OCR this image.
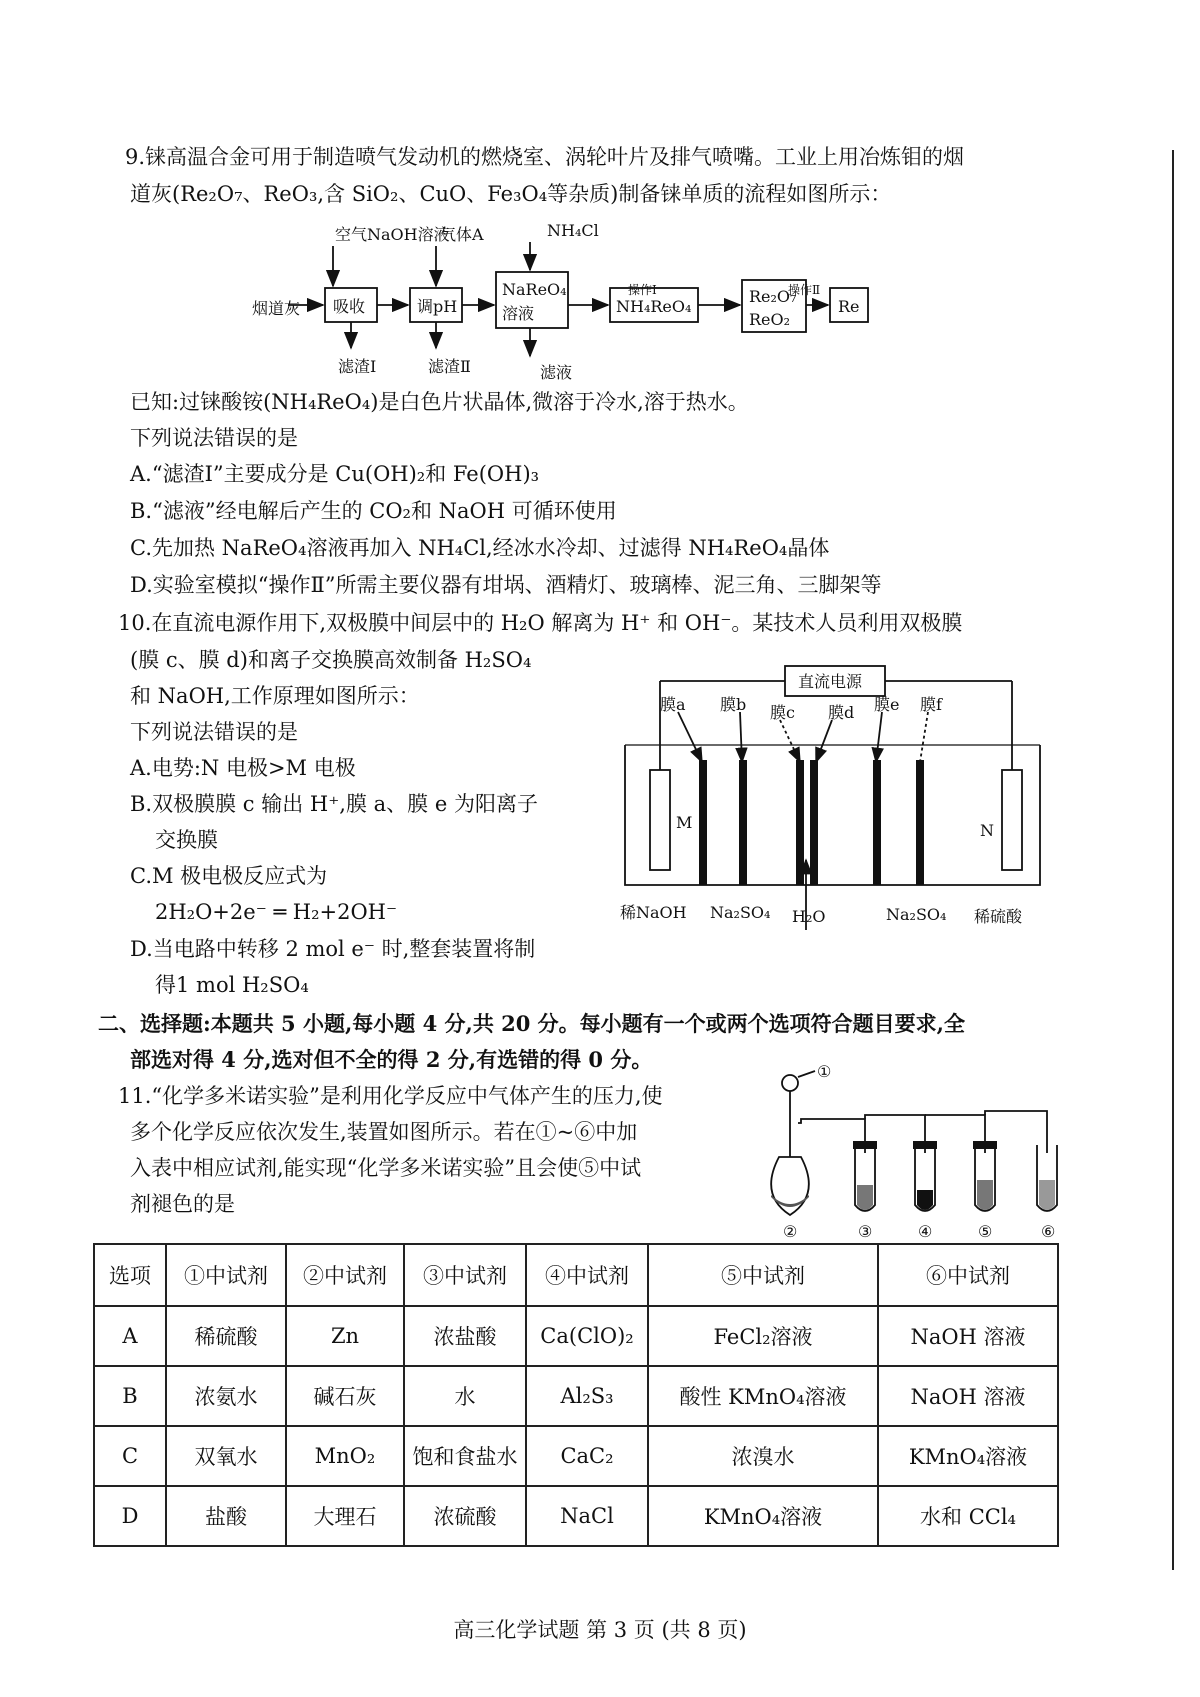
9.铼高温合金可用于制造喷气发动机的燃烧室、涡轮叶片及排气喷嘴。工业上用冶炼钼的烟
道灰(Re₂O₇、ReO₃,含 SiO₂、CuO、Fe₃O₄等杂质)制备铼单质的流程如图所示：
空气NaOH溶液
气体A	NH₄Cl
烟道灰
操作Ⅰ	操作Ⅱ
滤渣Ⅰ	滤渣Ⅱ	滤液
吸收	调pH
NaReO₄
溶液	NH₄ReO₄
Re₂O₇
ReO₂
Re
已知:过铼酸铵(NH₄ReO₄)是白色片状晶体,微溶于冷水,溶于热水。
下列说法错误的是
A.“滤渣Ⅰ”主要成分是 Cu(OH)₂和 Fe(OH)₃
B.“滤液”经电解后产生的 CO₂和 NaOH 可循环使用
C.先加热 NaReO₄溶液再加入 NH₄Cl,经冰水冷却、过滤得 NH₄ReO₄晶体
D.实验室模拟“操作Ⅱ”所需主要仪器有坩埚、酒精灯、玻璃棒、泥三角、三脚架等
10.在直流电源作用下,双极膜中间层中的 H₂O 解离为 H⁺ 和 OH⁻。某技术人员利用双极膜
(膜 c、膜 d)和离子交换膜高效制备 H₂SO₄
和 NaOH,工作原理如图所示：
下列说法错误的是
A.电势:N 电极>M 电极
B.双极膜膜 c 输出 H⁺,膜 a、膜 e 为阳离子
交换膜
C.M 极电极反应式为
2H₂O+2e⁻ ═ H₂+2OH⁻
D.当电路中转移 2 mol e⁻ 时,整套装置将制
得1 mol H₂SO₄
直流电源
膜a 膜b 膜c 膜d 膜e 膜f
M	N
稀NaOH Na₂SO₄ H₂O	Na₂SO₄ 稀硫酸
二、选择题:本题共 5 小题,每小题 4 分,共 20 分。每小题有一个或两个选项符合题目要求,全
部选对得 4 分,选对但不全的得 2 分,有选错的得 0 分。
11.“化学多米诺实验”是利用化学反应中气体产生的压力,使
多个化学反应依次发生,装置如图所示。若在①~⑥中加
入表中相应试剂,能实现“化学多米诺实验”且会使⑤中试
剂褪色的是
①
②	③	④	⑤	⑥
选项	①中试剂	②中试剂	③中试剂	④中试剂	⑤中试剂	⑥中试剂
A	稀硫酸	Zn	浓盐酸	Ca(ClO)₂	FeCl₂溶液	NaOH 溶液
B	浓氨水	碱石灰	水	Al₂S₃	酸性 KMnO₄溶液	NaOH 溶液
C	双氧水	MnO₂	饱和食盐水	CaC₂	浓溴水	KMnO₄溶液
D	盐酸	大理石	浓硫酸	NaCl	KMnO₄溶液	水和 CCl₄
高三化学试题 第 3 页 (共 8 页)
